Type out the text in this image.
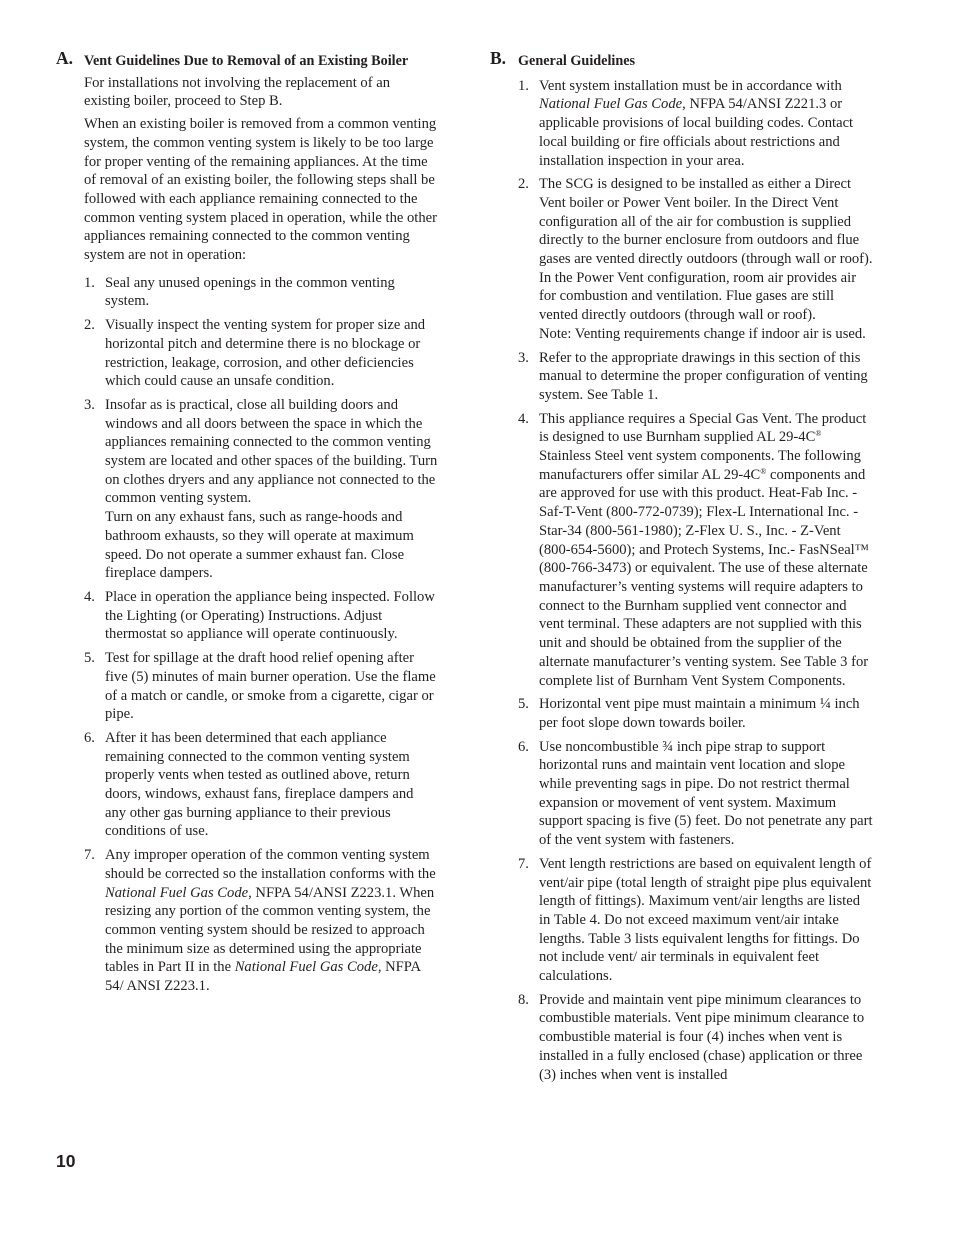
A. Vent Guidelines Due to Removal of an Existing Boiler

For installations not involving the replacement of an existing boiler, proceed to Step B.

When an existing boiler is removed from a common venting system, the common venting system is likely to be too large for proper venting of the remaining appliances. At the time of removal of an existing boiler, the following steps shall be followed with each appliance remaining connected to the common venting system placed in operation, while the other appliances remaining connected to the common venting system are not in operation:

1. Seal any unused openings in the common venting system.
2. Visually inspect the venting system for proper size and horizontal pitch and determine there is no blockage or restriction, leakage, corrosion, and other deficiencies which could cause an unsafe condition.
3. Insofar as is practical, close all building doors and windows and all doors between the space in which the appliances remaining connected to the common venting system are located and other spaces of the building. Turn on clothes dryers and any appliance not connected to the common venting system.
Turn on any exhaust fans, such as range-hoods and bathroom exhausts, so they will operate at maximum speed. Do not operate a summer exhaust fan. Close fireplace dampers.
4. Place in operation the appliance being inspected. Follow the Lighting (or Operating) Instructions. Adjust thermostat so appliance will operate continuously.
5. Test for spillage at the draft hood relief opening after five (5) minutes of main burner operation. Use the flame of a match or candle, or smoke from a cigarette, cigar or pipe.
6. After it has been determined that each appliance remaining connected to the common venting system properly vents when tested as outlined above, return doors, windows, exhaust fans, fireplace dampers and any other gas burning appliance to their previous conditions of use.
7. Any improper operation of the common venting system should be corrected so the installation conforms with the National Fuel Gas Code, NFPA 54/ANSI Z223.1. When resizing any portion of the common venting system, the common venting system should be resized to approach the minimum size as determined using the appropriate tables in Part II in the National Fuel Gas Code, NFPA 54/ ANSI Z223.1.
B. General Guidelines
1. Vent system installation must be in accordance with National Fuel Gas Code, NFPA 54/ANSI Z221.3 or applicable provisions of local building codes. Contact local building or fire officials about restrictions and installation inspection in your area.
2. The SCG is designed to be installed as either a Direct Vent boiler or Power Vent boiler. In the Direct Vent configuration all of the air for combustion is supplied directly to the burner enclosure from outdoors and flue gases are vented directly outdoors (through wall or roof). In the Power Vent configuration, room air provides air for combustion and ventilation. Flue gases are still vented directly outdoors (through wall or roof).
Note: Venting requirements change if indoor air is used.
3. Refer to the appropriate drawings in this section of this manual to determine the proper configuration of venting system. See Table 1.
4. This appliance requires a Special Gas Vent. The product is designed to use Burnham supplied AL 29-4C® Stainless Steel vent system components. The following manufacturers offer similar AL 29-4C® components and are approved for use with this product. Heat-Fab Inc. - Saf-T-Vent (800-772-0739); Flex-L International Inc. - Star-34 (800-561-1980); Z-Flex U. S., Inc. - Z-Vent (800-654-5600); and Protech Systems, Inc.- FasNSeal™ (800-766-3473) or equivalent. The use of these alternate manufacturer’s venting systems will require adapters to connect to the Burnham supplied vent connector and vent terminal. These adapters are not supplied with this unit and should be obtained from the supplier of the alternate manufacturer’s venting system. See Table 3 for complete list of Burnham Vent System Components.
5. Horizontal vent pipe must maintain a minimum ¼ inch per foot slope down towards boiler.
6. Use noncombustible ¾ inch pipe strap to support horizontal runs and maintain vent location and slope while preventing sags in pipe. Do not restrict thermal expansion or movement of vent system. Maximum support spacing is five (5) feet. Do not penetrate any part of the vent system with fasteners.
7. Vent length restrictions are based on equivalent length of vent/air pipe (total length of straight pipe plus equivalent length of fittings). Maximum vent/air lengths are listed in Table 4. Do not exceed maximum vent/air intake lengths. Table 3 lists equivalent lengths for fittings. Do not include vent/ air terminals in equivalent feet calculations.
8. Provide and maintain vent pipe minimum clearances to combustible materials. Vent pipe minimum clearance to combustible material is four (4) inches when vent is installed in a fully enclosed (chase) application or three (3) inches when vent is installed
10
